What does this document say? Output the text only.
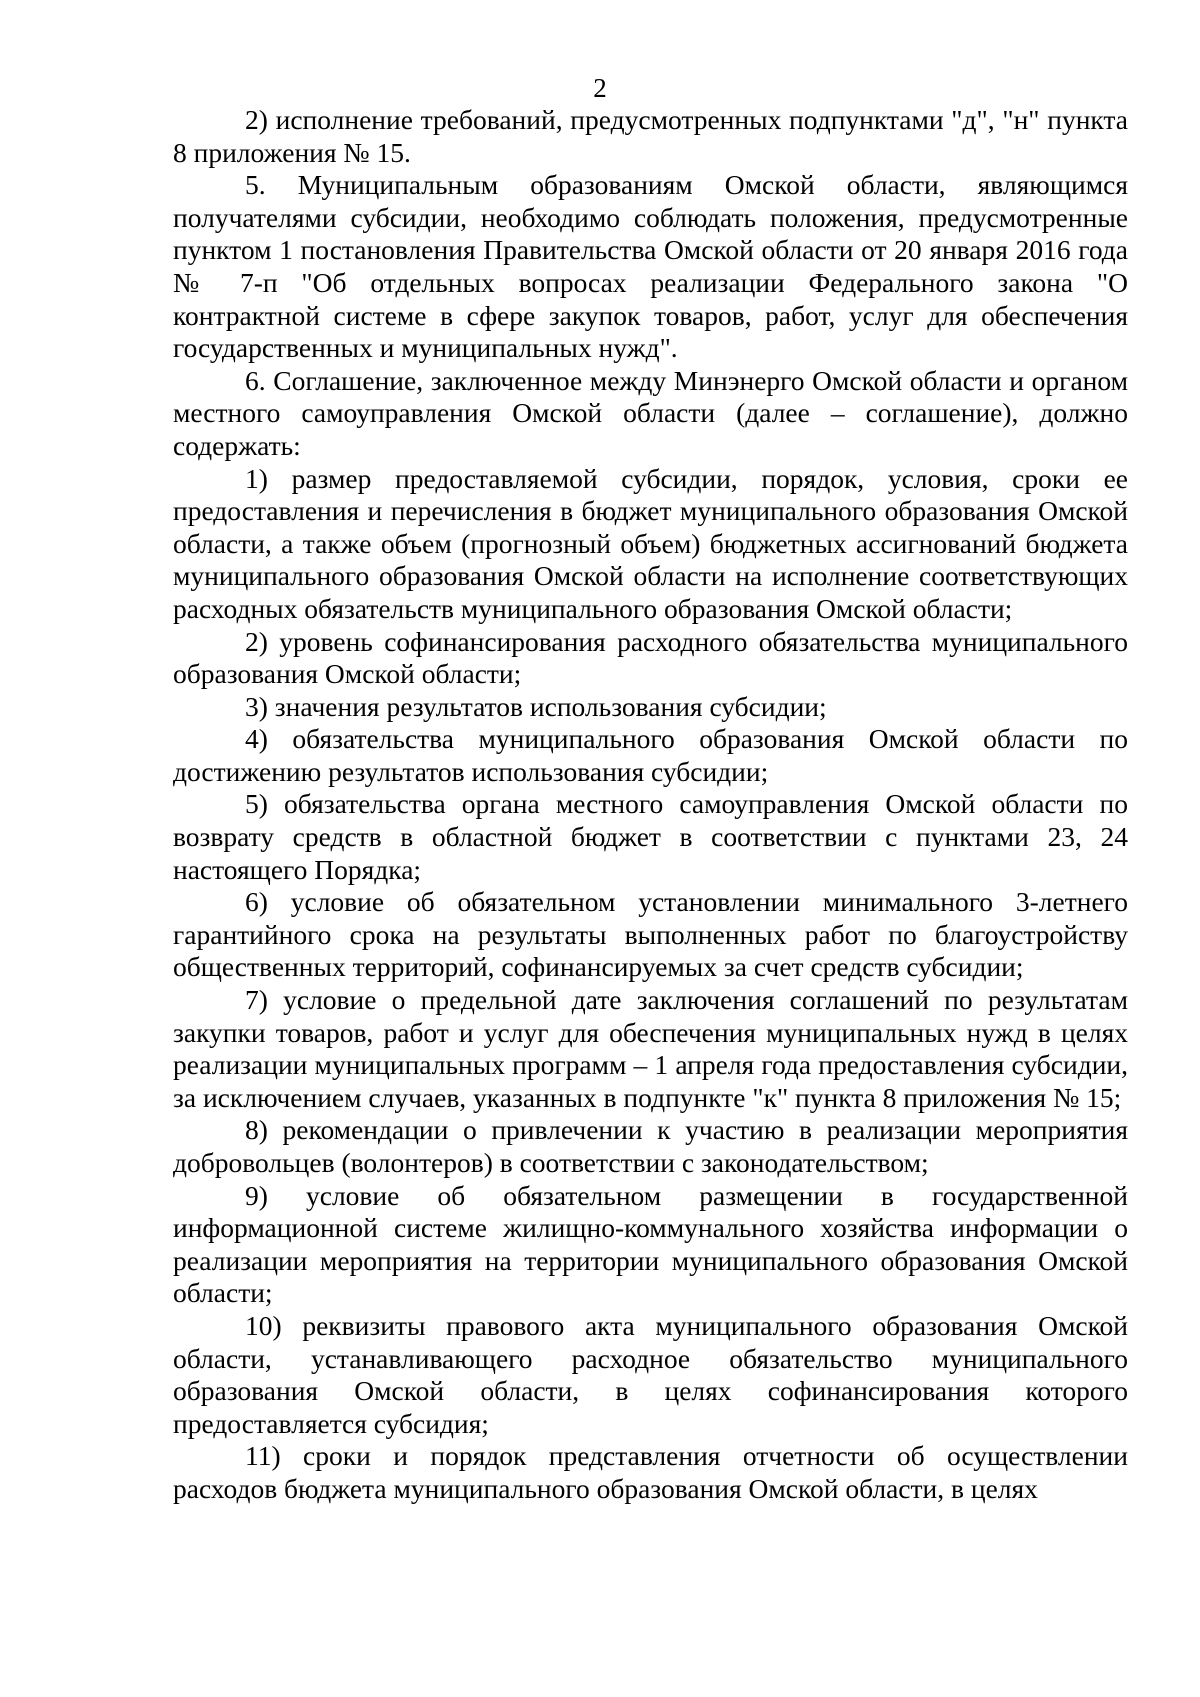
2

2) исполнение требований, предусмотренных подпунктами "д", "н" пункта 8 приложения № 15.

5. Муниципальным образованиям Омской области, являющимся получателями субсидии, необходимо соблюдать положения, предусмотренные пунктом 1 постановления Правительства Омской области от 20 января 2016 года № 7-п "Об отдельных вопросах реализации Федерального закона "О контрактной системе в сфере закупок товаров, работ, услуг для обеспечения государственных и муниципальных нужд".

6. Соглашение, заключенное между Минэнерго Омской области и органом местного самоуправления Омской области (далее – соглашение), должно содержать:

1) размер предоставляемой субсидии, порядок, условия, сроки ее предоставления и перечисления в бюджет муниципального образования Омской области, а также объем (прогнозный объем) бюджетных ассигнований бюджета муниципального образования Омской области на исполнение соответствующих расходных обязательств муниципального образования Омской области;

2) уровень софинансирования расходного обязательства муниципального образования Омской области;

3) значения результатов использования субсидии;

4) обязательства муниципального образования Омской области по достижению результатов использования субсидии;

5) обязательства органа местного самоуправления Омской области по возврату средств в областной бюджет в соответствии с пунктами 23, 24 настоящего Порядка;

6) условие об обязательном установлении минимального 3-летнего гарантийного срока на результаты выполненных работ по благоустройству общественных территорий, софинансируемых за счет средств субсидии;

7) условие о предельной дате заключения соглашений по результатам закупки товаров, работ и услуг для обеспечения муниципальных нужд в целях реализации муниципальных программ – 1 апреля года предоставления субсидии, за исключением случаев, указанных в подпункте "к" пункта 8 приложения № 15;

8) рекомендации о привлечении к участию в реализации мероприятия добровольцев (волонтеров) в соответствии с законодательством;

9) условие об обязательном размещении в государственной информационной системе жилищно-коммунального хозяйства информации о реализации мероприятия на территории муниципального образования Омской области;

10) реквизиты правового акта муниципального образования Омской области, устанавливающего расходное обязательство муниципального образования Омской области, в целях софинансирования которого предоставляется субсидия;

11) сроки и порядок представления отчетности об осуществлении расходов бюджета муниципального образования Омской области, в целях
